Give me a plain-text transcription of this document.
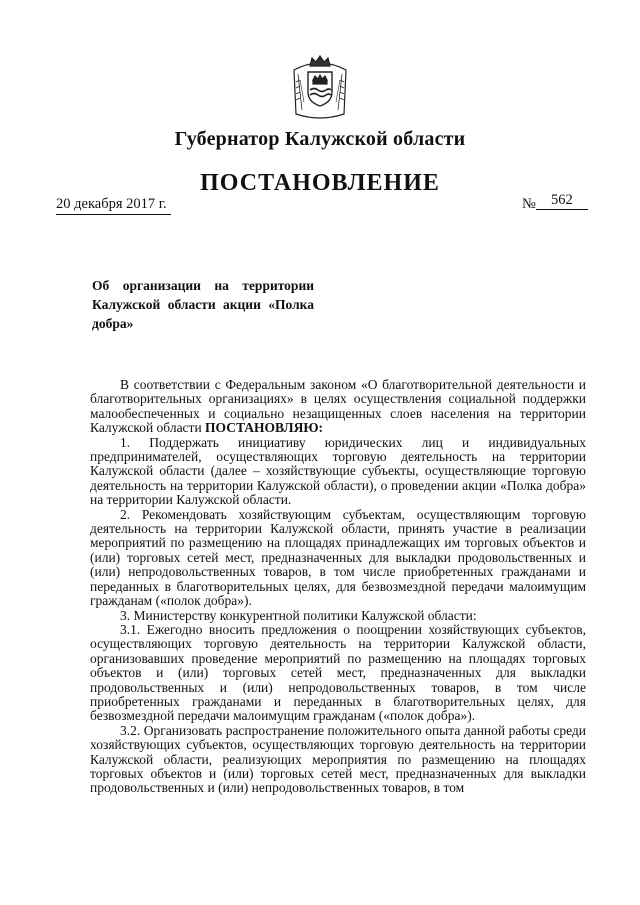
Губернатор Калужской области
ПОСТАНОВЛЕНИЕ
20 декабря 2017 г.	№ 562
Об организации на территории Калужской области акции «Полка добра»

В соответствии с Федеральным законом «О благотворительной деятельности и благотворительных организациях» в целях осуществления социальной поддержки малообеспеченных и социально незащищенных слоев населения на территории Калужской области ПОСТАНОВЛЯЮ:

1. Поддержать инициативу юридических лиц и индивидуальных предпринимателей, осуществляющих торговую деятельность на территории Калужской области (далее – хозяйствующие субъекты, осуществляющие торговую деятельность на территории Калужской области), о проведении акции «Полка добра» на территории Калужской области.

2. Рекомендовать хозяйствующим субъектам, осуществляющим торговую деятельность на территории Калужской области, принять участие в реализации мероприятий по размещению на площадях принадлежащих им торговых объектов и (или) торговых сетей мест, предназначенных для выкладки продовольственных и (или) непродовольственных товаров, в том числе приобретенных гражданами и переданных в благотворительных целях, для безвозмездной передачи малоимущим гражданам («полок добра»).

3. Министерству конкурентной политики Калужской области:

3.1. Ежегодно вносить предложения о поощрении хозяйствующих субъектов, осуществляющих торговую деятельность на территории Калужской области, организовавших проведение мероприятий по размещению на площадях торговых объектов и (или) торговых сетей мест, предназначенных для выкладки продовольственных и (или) непродовольственных товаров, в том числе приобретенных гражданами и переданных в благотворительных целях, для безвозмездной передачи малоимущим гражданам («полок добра»).

3.2. Организовать распространение положительного опыта данной работы среди хозяйствующих субъектов, осуществляющих торговую деятельность на территории Калужской области, реализующих мероприятия по размещению на площадях торговых объектов и (или) торговых сетей мест, предназначенных для выкладки продовольственных и (или) непродовольственных товаров, в том
